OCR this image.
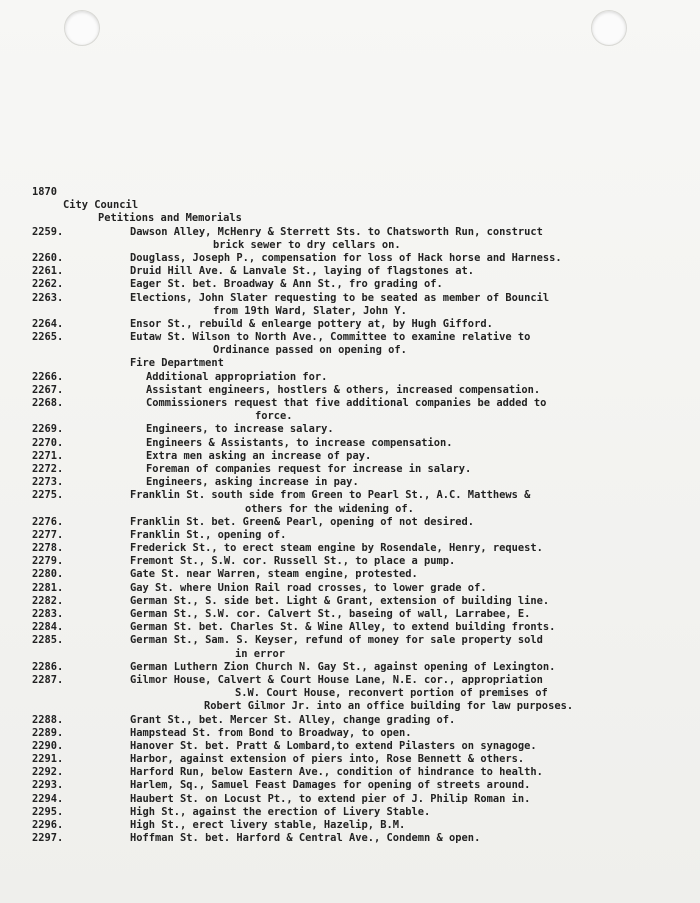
1870
City Council
Petitions and Memorials
2259.	Dawson Alley, McHenry & Sterrett Sts. to Chatsworth Run, construct
brick sewer to dry cellars on.
2260.	Douglass, Joseph P., compensation for loss of Hack horse and Harness.
2261.	Druid Hill Ave. & Lanvale St., laying of flagstones at.
2262.	Eager St. bet. Broadway & Ann St., fro grading of.
2263.	Elections, John Slater requesting to be seated as member of Bouncil
from 19th Ward, Slater, John Y.
2264.	Ensor St., rebuild & enlearge pottery at, by Hugh Gifford.
2265.	Eutaw St. Wilson to North Ave., Committee to examine relative to
Ordinance passed on opening of.
Fire Department
2266.	Additional appropriation for.
2267.	Assistant engineers, hostlers & others, increased compensation.
2268.	Commissioners request that five additional companies be added to
force.
2269.	Engineers, to increase salary.
2270.	Engineers & Assistants, to increase compensation.
2271.	Extra men asking an increase of pay.
2272.	Foreman of companies request for increase in salary.
2273.	Engineers, asking increase in pay.
2275.	Franklin St. south side from Green to Pearl St., A.C. Matthews &
others for the widening of.
2276.	Franklin St. bet. Green& Pearl, opening of not desired.
2277.	Franklin St., opening of.
2278.	Frederick St., to erect steam engine by Rosendale, Henry, request.
2279.	Fremont St., S.W. cor. Russell St., to place a pump.
2280.	Gate St. near Warren, steam engine, protested.
2281.	Gay St. where Union Rail road crosses, to lower grade of.
2282.	German St., S. side bet. Light & Grant, extension of building line.
2283.	German St., S.W. cor. Calvert St., baseing of wall, Larrabee, E.
2284.	German St. bet. Charles St. & Wine Alley, to extend building fronts.
2285.	German St., Sam. S. Keyser, refund of money for sale property sold
in error
2286.	German Luthern Zion Church N. Gay St., against opening of Lexington.
2287.	Gilmor House, Calvert & Court House Lane, N.E. cor., appropriation
S.W. Court House, reconvert portion of premises of
Robert Gilmor Jr. into an office building for law purposes.
2288.	Grant St., bet. Mercer St. Alley, change grading of.
2289.	Hampstead St. from Bond to Broadway, to open.
2290.	Hanover St. bet. Pratt & Lombard,to extend Pilasters on synagoge.
2291.	Harbor, against extension of piers into, Rose Bennett & others.
2292.	Harford Run, below Eastern Ave., condition of hindrance to health.
2293.	Harlem, Sq., Samuel Feast Damages for opening of streets around.
2294.	Haubert St. on Locust Pt., to extend pier of J. Philip Roman in.
2295.	High St., against the erection of Livery Stable.
2296.	High St., erect livery stable, Hazelip, B.M.
2297.	Hoffman St. bet. Harford & Central Ave., Condemn & open.
